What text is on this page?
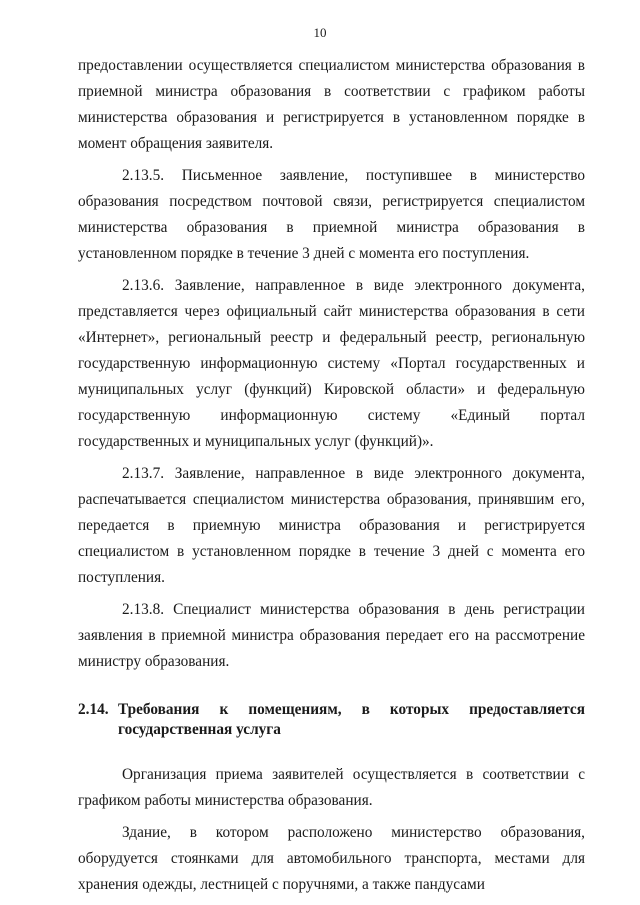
10

предоставлении осуществляется специалистом министерства образования в приемной министра образования в соответствии с графиком работы министерства образования и регистрируется в установленном порядке в момент обращения заявителя.

2.13.5. Письменное заявление, поступившее в министерство образования посредством почтовой связи, регистрируется специалистом министерства образования в приемной министра образования в установленном порядке в течение 3 дней с момента его поступления.

2.13.6. Заявление, направленное в виде электронного документа, представляется через официальный сайт министерства образования в сети «Интернет», региональный реестр и федеральный реестр, региональную государственную информационную систему «Портал государственных и муниципальных услуг (функций) Кировской области» и федеральную государственную информационную систему «Единый портал государственных и муниципальных услуг (функций)».

2.13.7. Заявление, направленное в виде электронного документа, распечатывается специалистом министерства образования, принявшим его, передается в приемную министра образования и регистрируется специалистом в установленном порядке в течение 3 дней с момента его поступления.

2.13.8. Специалист министерства образования в день регистрации заявления в приемной министра образования передает его на рассмотрение министру образования.

2.14. Требования к помещениям, в которых предоставляется государственная услуга

Организация приема заявителей осуществляется в соответствии с графиком работы министерства образования.

Здание, в котором расположено министерство образования, оборудуется стоянками для автомобильного транспорта, местами для хранения одежды, лестницей с поручнями, а также пандусами
